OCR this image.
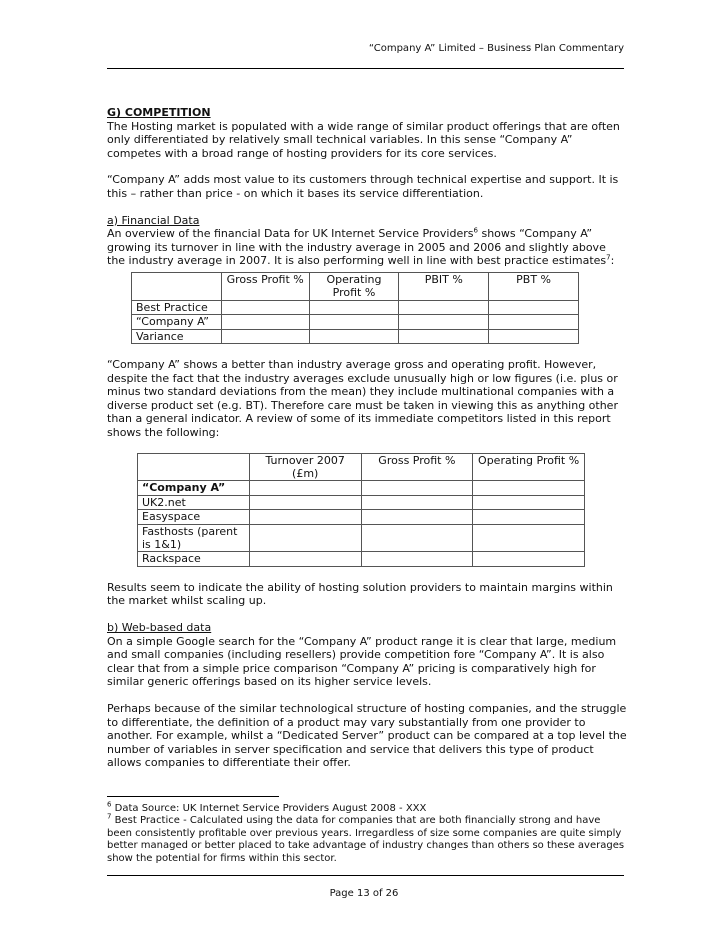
“Company A” Limited – Business Plan Commentary
G) COMPETITION

The Hosting market is populated with a wide range of similar product offerings that are often only differentiated by relatively small technical variables. In this sense “Company A” competes with a broad range of hosting providers for its core services.

“Company A” adds most value to its customers through technical expertise and support. It is this – rather than price - on which it bases its service differentiation.

a) Financial Data
An overview of the financial Data for UK Internet Service Providers$^6$ shows “Company A” growing its turnover in line with the industry average in 2005 and 2006 and slightly above the industry average in 2007. It is also performing well in line with best practice estimates$^7$:
	Gross Profit %	Operating Profit %	PBIT %	PBT %
Best Practice				
“Company A”				
Variance				

“Company A” shows a better than industry average gross and operating profit. However, despite the fact that the industry averages exclude unusually high or low figures (i.e. plus or minus two standard deviations from the mean) they include multinational companies with a diverse product set (e.g. BT). Therefore care must be taken in viewing this as anything other than a general indicator. A review of some of its immediate competitors listed in this report shows the following:

	Turnover 2007 (£m)	Gross Profit %	Operating Profit %
“Company A”			
UK2.net			
Easyspace			
Fasthosts (parent is 1&1)			
Rackspace			

Results seem to indicate the ability of hosting solution providers to maintain margins within the market whilst scaling up.

b) Web-based data

On a simple Google search for the “Company A” product range it is clear that large, medium and small companies (including resellers) provide competition fore “Company A”. It is also clear that from a simple price comparison “Company A” pricing is comparatively high for similar generic offerings based on its higher service levels.

Perhaps because of the similar technological structure of hosting companies, and the struggle to differentiate, the definition of a product may vary substantially from one provider to another. For example, whilst a “Dedicated Server” product can be compared at a top level the number of variables in server specification and service that delivers this type of product allows companies to differentiate their offer.

$^6$ Data Source: UK Internet Service Providers August 2008 - XXX
$^7$ Best Practice - Calculated using the data for companies that are both financially strong and have been consistently profitable over previous years. Irregardless of size some companies are quite simply better managed or better placed to take advantage of industry changes than others so these averages show the potential for firms within this sector.
Page 13 of 26
